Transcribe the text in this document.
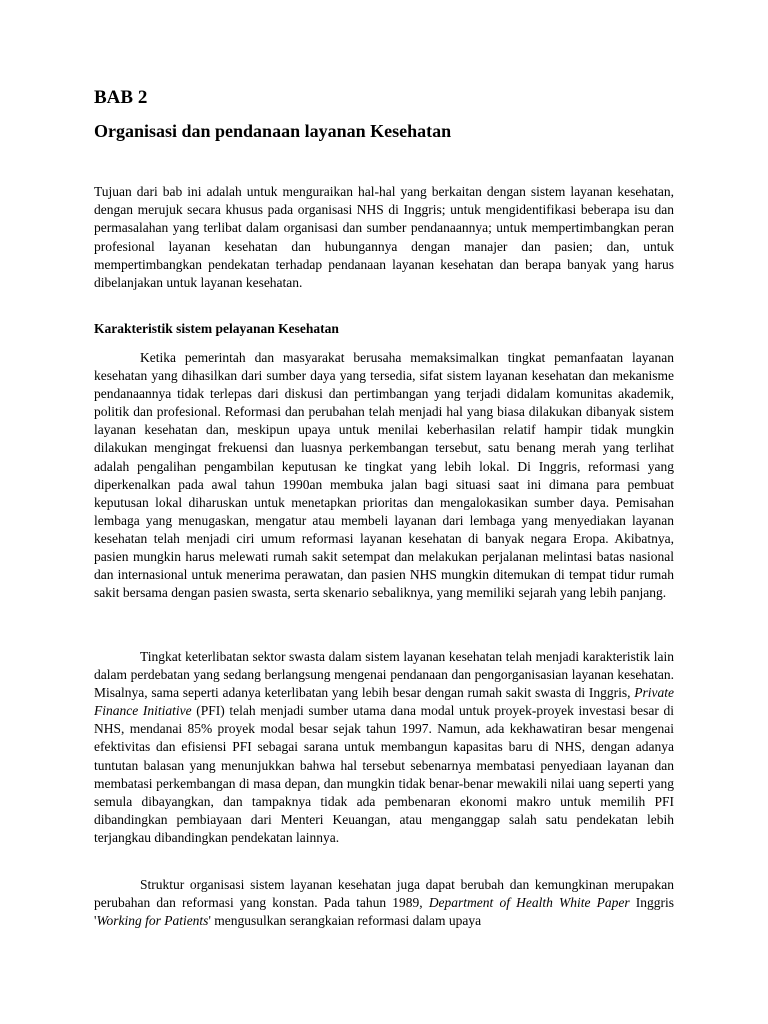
BAB 2
Organisasi dan pendanaan layanan Kesehatan

Tujuan dari bab ini adalah untuk menguraikan hal-hal yang berkaitan dengan sistem layanan kesehatan, dengan merujuk secara khusus pada organisasi NHS di Inggris; untuk mengidentifikasi beberapa isu dan permasalahan yang terlibat dalam organisasi dan sumber pendanaannya; untuk mempertimbangkan peran profesional layanan kesehatan dan hubungannya dengan manajer dan pasien; dan, untuk mempertimbangkan pendekatan terhadap pendanaan layanan kesehatan dan berapa banyak yang harus dibelanjakan untuk layanan kesehatan.

Karakteristik sistem pelayanan Kesehatan

Ketika pemerintah dan masyarakat berusaha memaksimalkan tingkat pemanfaatan layanan kesehatan yang dihasilkan dari sumber daya yang tersedia, sifat sistem layanan kesehatan dan mekanisme pendanaannya tidak terlepas dari diskusi dan pertimbangan yang terjadi didalam komunitas akademik, politik dan profesional. Reformasi dan perubahan telah menjadi hal yang biasa dilakukan dibanyak sistem layanan kesehatan dan, meskipun upaya untuk menilai keberhasilan relatif hampir tidak mungkin dilakukan mengingat frekuensi dan luasnya perkembangan tersebut, satu benang merah yang terlihat adalah pengalihan pengambilan keputusan ke tingkat yang lebih lokal. Di Inggris, reformasi yang diperkenalkan pada awal tahun 1990an membuka jalan bagi situasi saat ini dimana para pembuat keputusan lokal diharuskan untuk menetapkan prioritas dan mengalokasikan sumber daya. Pemisahan lembaga yang menugaskan, mengatur atau membeli layanan dari lembaga yang menyediakan layanan kesehatan telah menjadi ciri umum reformasi layanan kesehatan di banyak negara Eropa. Akibatnya, pasien mungkin harus melewati rumah sakit setempat dan melakukan perjalanan melintasi batas nasional dan internasional untuk menerima perawatan, dan pasien NHS mungkin ditemukan di tempat tidur rumah sakit bersama dengan pasien swasta, serta skenario sebaliknya, yang memiliki sejarah yang lebih panjang.

Tingkat keterlibatan sektor swasta dalam sistem layanan kesehatan telah menjadi karakteristik lain dalam perdebatan yang sedang berlangsung mengenai pendanaan dan pengorganisasian layanan kesehatan. Misalnya, sama seperti adanya keterlibatan yang lebih besar dengan rumah sakit swasta di Inggris, Private Finance Initiative (PFI) telah menjadi sumber utama dana modal untuk proyek-proyek investasi besar di NHS, mendanai 85% proyek modal besar sejak tahun 1997. Namun, ada kekhawatiran besar mengenai efektivitas dan efisiensi PFI sebagai sarana untuk membangun kapasitas baru di NHS, dengan adanya tuntutan balasan yang menunjukkan bahwa hal tersebut sebenarnya membatasi penyediaan layanan dan membatasi perkembangan di masa depan, dan mungkin tidak benar-benar mewakili nilai uang seperti yang semula dibayangkan, dan tampaknya tidak ada pembenaran ekonomi makro untuk memilih PFI dibandingkan pembiayaan dari Menteri Keuangan, atau menganggap salah satu pendekatan lebih terjangkau dibandingkan pendekatan lainnya.

Struktur organisasi sistem layanan kesehatan juga dapat berubah dan kemungkinan merupakan perubahan dan reformasi yang konstan. Pada tahun 1989, Department of Health White Paper Inggris 'Working for Patients' mengusulkan serangkaian reformasi dalam upaya
